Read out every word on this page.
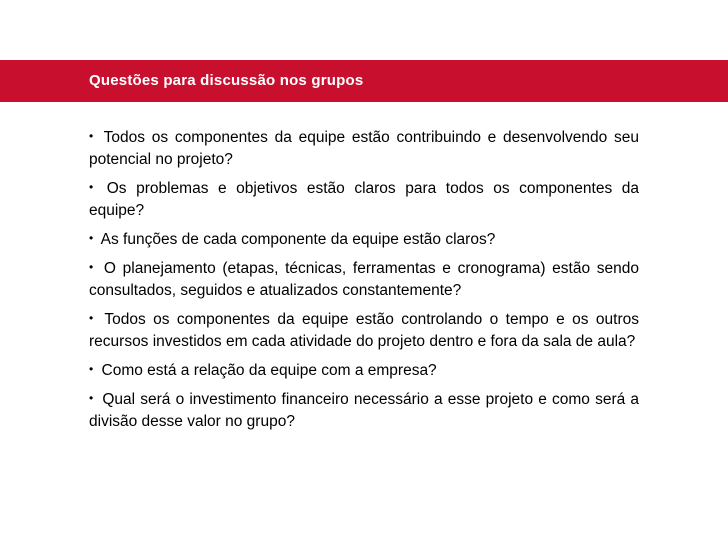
Questões para discussão nos grupos
• Todos os componentes da equipe estão contribuindo e desenvolvendo seu potencial no projeto?
• Os problemas e objetivos estão claros para todos os componentes da equipe?
• As funções de cada componente da equipe estão claros?
• O planejamento (etapas, técnicas, ferramentas e cronograma) estão sendo consultados, seguidos e atualizados constantemente?
• Todos os componentes da equipe estão controlando o tempo e os outros recursos investidos em cada atividade do projeto dentro e fora da sala de aula?
• Como está a relação da equipe com a empresa?
• Qual será o investimento financeiro necessário a esse projeto e como será a divisão desse valor no grupo?
